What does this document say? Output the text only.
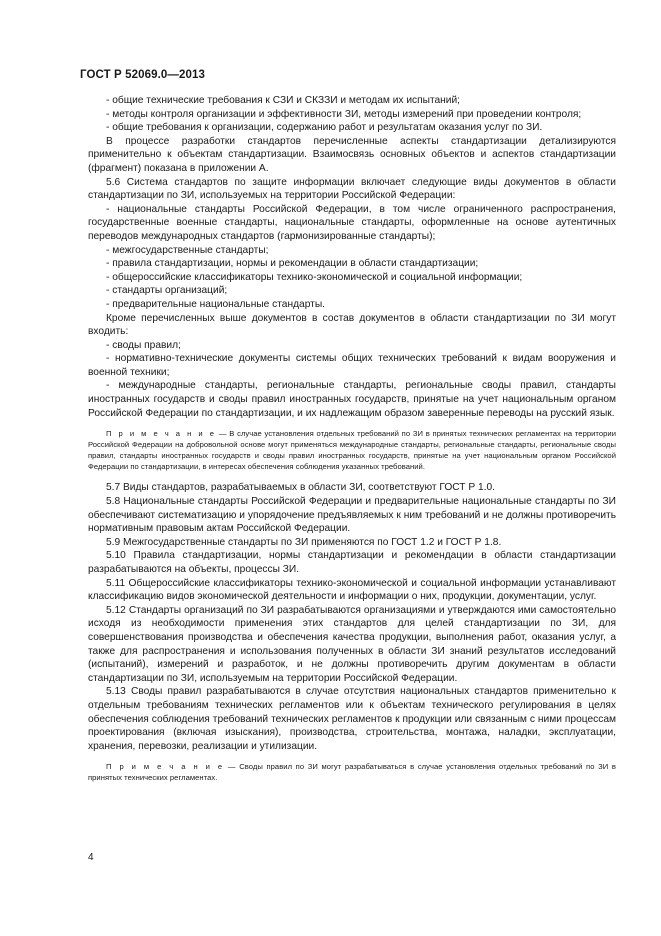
ГОСТ Р 52069.0—2013

- общие технические требования к СЗИ и СКЗЗИ и методам их испытаний;

- методы контроля организации и эффективности ЗИ, методы измерений при проведении контроля;

- общие требования к организации, содержанию работ и результатам оказания услуг по ЗИ.

В процессе разработки стандартов перечисленные аспекты стандартизации детализируются применительно к объектам стандартизации. Взаимосвязь основных объектов и аспектов стандартизации (фрагмент) показана в приложении А.

5.6 Система стандартов по защите информации включает следующие виды документов в области стандартизации по ЗИ, используемых на территории Российской Федерации:

- национальные стандарты Российской Федерации, в том числе ограниченного распространения, государственные военные стандарты, национальные стандарты, оформленные на основе аутентичных переводов международных стандартов (гармонизированные стандарты);

- межгосударственные стандарты;

- правила стандартизации, нормы и рекомендации в области стандартизации;

- общероссийские классификаторы технико-экономической и социальной информации;

- стандарты организаций;

- предварительные национальные стандарты.

Кроме перечисленных выше документов в состав документов в области стандартизации по ЗИ могут входить:

- своды правил;

- нормативно-технические документы системы общих технических требований к видам вооружения и военной техники;

- международные стандарты, региональные стандарты, региональные своды правил, стандарты иностранных государств и своды правил иностранных государств, принятые на учет национальным органом Российской Федерации по стандартизации, и их надлежащим образом заверенные переводы на русский язык.

П р и м е ч а н и е — В случае установления отдельных требований по ЗИ в принятых технических регламентах на территории Российской Федерации на добровольной основе могут применяться международные стандарты, региональные стандарты, региональные своды правил, стандарты иностранных государств и своды правил иностранных государств, принятые на учет национальным органом Российской Федерации по стандартизации, в интересах обеспечения соблюдения указанных требований.

5.7 Виды стандартов, разрабатываемых в области ЗИ, соответствуют ГОСТ Р 1.0.

5.8 Национальные стандарты Российской Федерации и предварительные национальные стандарты по ЗИ обеспечивают систематизацию и упорядочение предъявляемых к ним требований и не должны противоречить нормативным правовым актам Российской Федерации.

5.9 Межгосударственные стандарты по ЗИ применяются по ГОСТ 1.2 и ГОСТ Р 1.8.

5.10 Правила стандартизации, нормы стандартизации и рекомендации в области стандартизации разрабатываются на объекты, процессы ЗИ.

5.11 Общероссийские классификаторы технико-экономической и социальной информации устанавливают классификацию видов экономической деятельности и информации о них, продукции, документации, услуг.

5.12 Стандарты организаций по ЗИ разрабатываются организациями и утверждаются ими самостоятельно исходя из необходимости применения этих стандартов для целей стандартизации по ЗИ, для совершенствования производства и обеспечения качества продукции, выполнения работ, оказания услуг, а также для распространения и использования полученных в области ЗИ знаний результатов исследований (испытаний), измерений и разработок, и не должны противоречить другим документам в области стандартизации по ЗИ, используемым на территории Российской Федерации.

5.13 Своды правил разрабатываются в случае отсутствия национальных стандартов применительно к отдельным требованиям технических регламентов или к объектам технического регулирования в целях обеспечения соблюдения требований технических регламентов к продукции или связанным с ними процессам проектирования (включая изыскания), производства, строительства, монтажа, наладки, эксплуатации, хранения, перевозки, реализации и утилизации.

П р и м е ч а н и е — Своды правил по ЗИ могут разрабатываться в случае установления отдельных требований по ЗИ в принятых технических регламентах.

4
